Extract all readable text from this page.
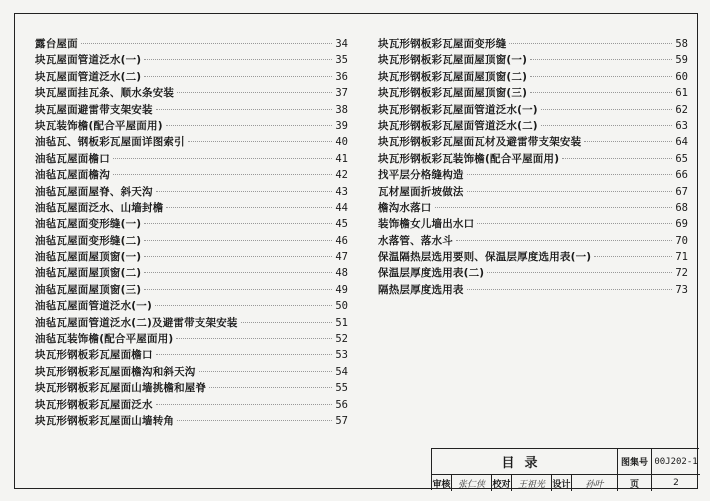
露台屋面	34
块瓦屋面管道泛水(一)	35
块瓦屋面管道泛水(二)	36
块瓦屋面挂瓦条、顺水条安装	37
块瓦屋面避雷带支架安装	38
块瓦装饰檐(配合平屋面用)	39
油毡瓦、钢板彩瓦屋面详图索引	40
油毡瓦屋面檐口	41
油毡瓦屋面檐沟	42
油毡瓦屋面屋脊、斜天沟	43
油毡瓦屋面泛水、山墙封檐	44
油毡瓦屋面变形缝(一)	45
油毡瓦屋面变形缝(二)	46
油毡瓦屋面屋顶窗(一)	47
油毡瓦屋面屋顶窗(二)	48
油毡瓦屋面屋顶窗(三)	49
油毡瓦屋面管道泛水(一)	50
油毡瓦屋面管道泛水(二)及避雷带支架安装	51
油毡瓦装饰檐(配合平屋面用)	52
块瓦形钢板彩瓦屋面檐口	53
块瓦形钢板彩瓦屋面檐沟和斜天沟	54
块瓦形钢板彩瓦屋面山墙挑檐和屋脊	55
块瓦形钢板彩瓦屋面泛水	56
块瓦形钢板彩瓦屋面山墙转角	57
块瓦形钢板彩瓦屋面变形缝	58
块瓦形钢板彩瓦屋面屋顶窗(一)	59
块瓦形钢板彩瓦屋面屋顶窗(二)	60
块瓦形钢板彩瓦屋面屋顶窗(三)	61
块瓦形钢板彩瓦屋面管道泛水(一)	62
块瓦形钢板彩瓦屋面管道泛水(二)	63
块瓦形钢板彩瓦屋面瓦材及避雷带支架安装	64
块瓦形钢板彩瓦装饰檐(配合平屋面用)	65
找平层分格缝构造	66
瓦材屋面折坡做法	67
檐沟水落口	68
装饰檐女儿墙出水口	69
水落管、落水斗	70
保温隔热层选用要则、保温层厚度选用表(一)	71
保温层厚度选用表(二)	72
隔热层厚度选用表	73
目录	图集号 00J202-1
审核 张仁侠 校对 王祖光 设计	孙叶	页	2
